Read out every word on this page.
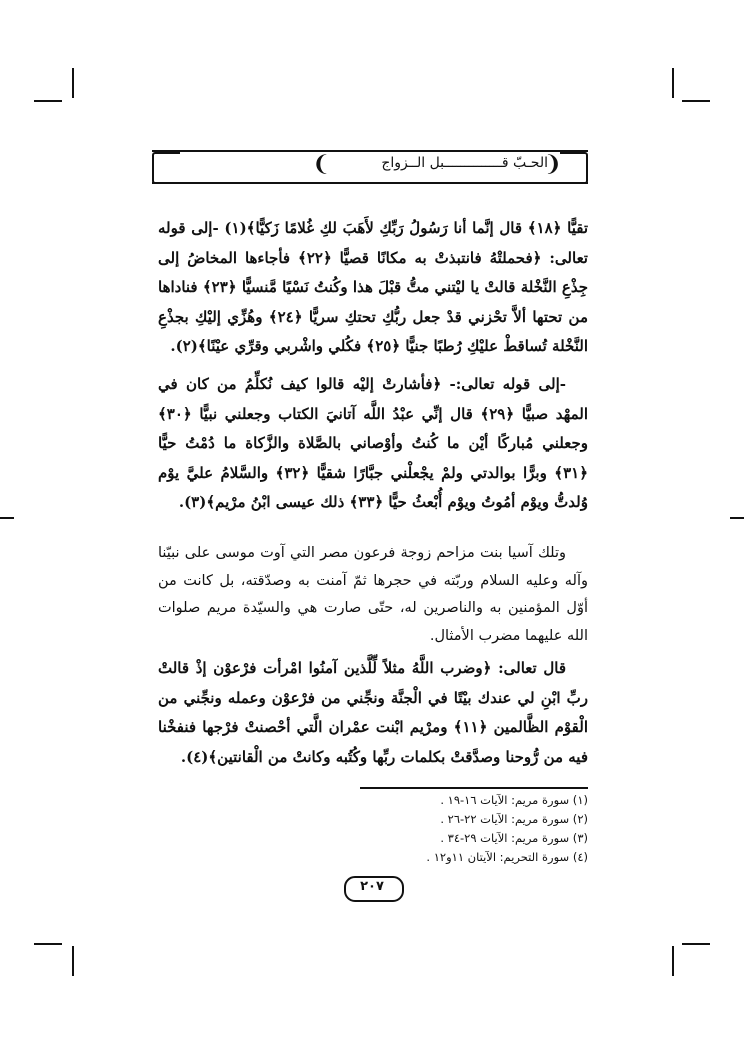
❩
❨	الحـبّ قــــــــــــــبل الــزواج
تقيًّا ﴿١٨﴾ قال إنَّما أنا رَسُولُ رَبِّكِ لأَهَبَ لكِ غُلامًا زَكيًّا﴾(١) -إلى قوله تعالى: ﴿فحملتْهُ فانتبذتْ به مكانًا قصيًّا ﴿٢٢﴾ فأجاءها المخاضُ إلى جِذْعِ النَّخْلة قالتْ يا ليْتني متُّ قبْلَ هذا وكُنتُ نَسْيًا مَّنسيًّا ﴿٢٣﴾ فناداها من تحتها ألاَّ تحْزني قدْ جعل ربُّكِ تحتكِ سريًّا ﴿٢٤﴾ وهُزِّي إليْكِ بجذْعِ النَّخْلة تُساقطْ عليْكِ رُطبًا جنيًّا ﴿٢٥﴾ فكُلي واشْربي وقرِّي عيْنًا﴾(٢).
-إلى قوله تعالى:- ﴿فأشارتْ إليْه قالوا كيف نُكلِّمُ من كان في المهْد صبيًّا ﴿٢٩﴾ قال إنِّي عبْدُ اللَّه آتانيَ الكتاب وجعلني نبيًّا ﴿٣٠﴾ وجعلني مُباركًا أيْن ما كُنتُ وأوْصاني بالصَّلاة والزَّكاة ما دُمْتُ حيًّا ﴿٣١﴾ وبرًّا بوالدتي ولمْ يجْعلْني جبَّارًا شقيًّا ﴿٣٢﴾ والسَّلامُ عليَّ يوْم وُلدتُّ ويوْم أمُوتُ ويوْم أُبْعثُ حيًّا ﴿٣٣﴾ ذلك عيسى ابْنُ مرْيم﴾(٣).
وتلك آسيا بنت مزاحم زوجة فرعون مصر التي آوت موسى على نبيّنا وآله وعليه السلام وربّته في حجرها ثمّ آمنت به وصدّقته، بل كانت من أوّل المؤمنين به والناصرين له، حتّى صارت هي والسيّدة مريم صلوات الله عليهما مضرب الأمثال.
قال تعالى: ﴿وضرب اللَّهُ مثلاً لِّلَّذين آمنُوا امْرأت فرْعوْن إذْ قالتْ ربِّ ابْنِ لي عندك بيْتًا في الْجنَّة ونجِّني من فرْعوْن وعمله ونجِّني من الْقوْم الظَّالمين ﴿١١﴾ ومرْيم ابْنت عمْران الَّتي أحْصنتْ فرْجها فنفخْنا فيه من رُّوحنا وصدَّقتْ بكلمات ربِّها وكُتُبه وكانتْ من الْقانتين﴾(٤).
(١) سورة مريم: الآيات ١٦-١٩ .
(٢) سورة مريم: الآيات ٢٢-٢٦ .
(٣) سورة مريم: الآيات ٢٩-٣٤ .
(٤) سورة التحريم: الآيتان ١١و١٢ .
٢٠٧
